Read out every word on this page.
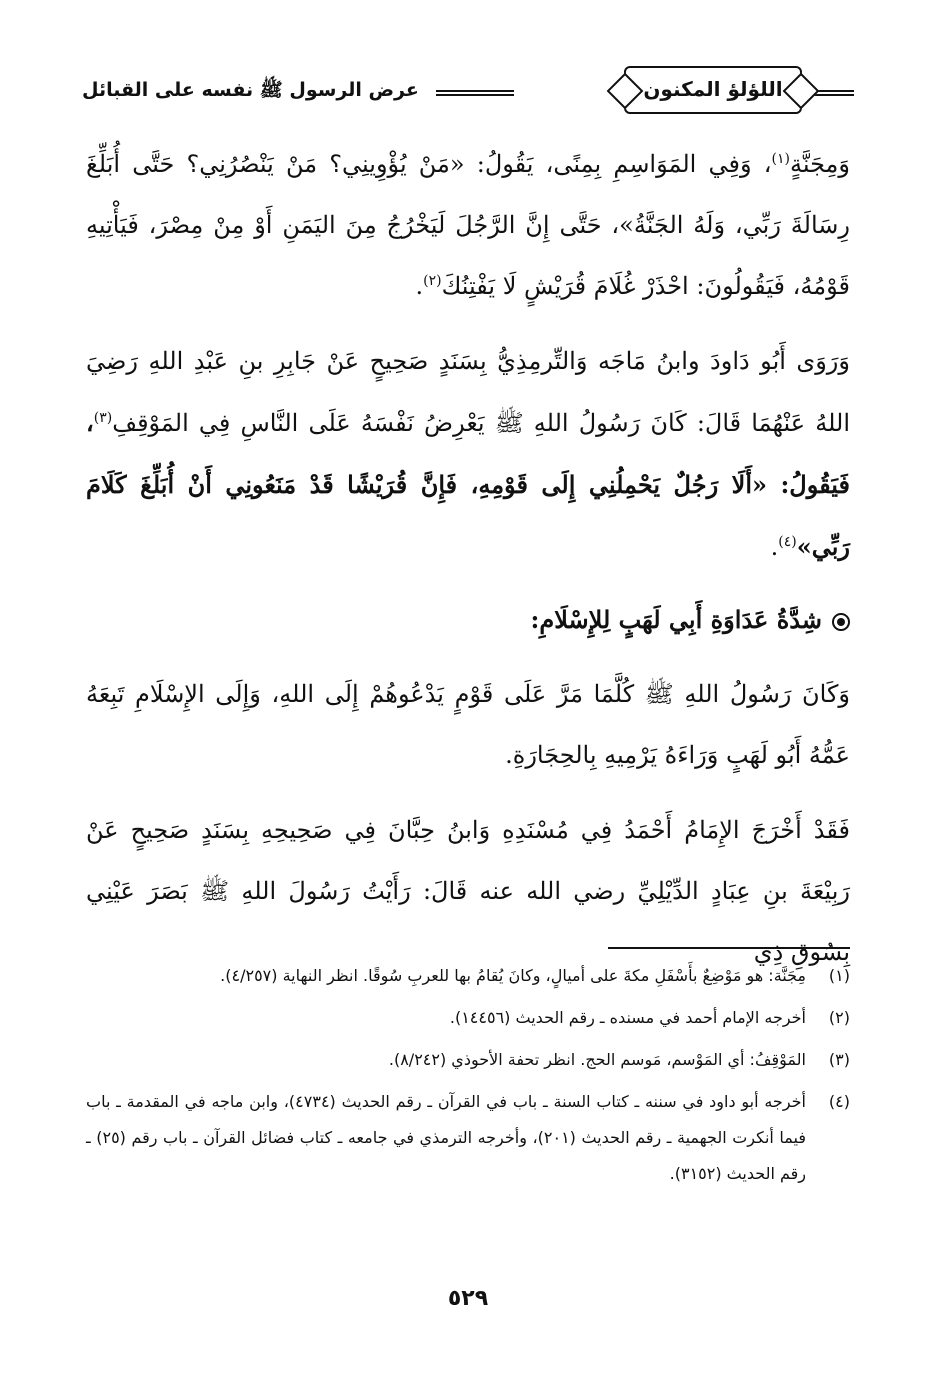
عرض الرسول ﷺ نفسه على القبائل	اللؤلؤ المكنون

وَمِجَنَّةٍ$^{(١)}$، وَفِي المَوَاسِمِ بِمِنًى، يَقُولُ: «مَنْ يُؤْوِينِي؟ مَنْ يَنْصُرُنِي؟ حَتَّى أُبَلِّغَ رِسَالَةَ رَبِّي، وَلَهُ الجَنَّةُ»، حَتَّى إِنَّ الرَّجُلَ لَيَخْرُجُ مِنَ اليَمَنِ أَوْ مِنْ مِصْرَ، فَيَأْتِيهِ قَوْمُهُ، فَيَقُولُونَ: احْذَرْ غُلَامَ قُرَيْشٍ لَا يَفْتِنُكَ$^{(٢)}$.

وَرَوَى أَبُو دَاودَ وابنُ مَاجَه وَالتِّرمِذِيُّ بِسَنَدٍ صَحِيحٍ عَنْ جَابِرِ بنِ عَبْدِ اللهِ رَضِيَ اللهُ عَنْهُمَا قَالَ: كَانَ رَسُولُ اللهِ ﷺ يَعْرِضُ نَفْسَهُ عَلَى النَّاسِ فِي المَوْقِفِ$^{(٣)}$، فَيَقُولُ: «أَلَا رَجُلٌ يَحْمِلُنِي إِلَى قَوْمِهِ، فَإِنَّ قُرَيْشًا قَدْ مَنَعُونِي أَنْ أُبَلِّغَ كَلَامَ رَبِّي»$^{(٤)}$.

شِدَّةُ عَدَاوَةِ أَبِي لَهَبٍ لِلإِسْلَامِ:

وَكَانَ رَسُولُ اللهِ ﷺ كُلَّمَا مَرَّ عَلَى قَوْمٍ يَدْعُوهُمْ إِلَى اللهِ، وَإِلَى الإِسْلَامِ تَبِعَهُ عَمُّهُ أَبُو لَهَبٍ وَرَاءَهُ يَرْمِيهِ بِالحِجَارَةِ.

فَقَدْ أَخْرَجَ الإِمَامُ أَحْمَدُ فِي مُسْنَدِهِ وَابنُ حِبَّانَ فِي صَحِيحِهِ بِسَنَدٍ صَحِيحٍ عَنْ رَبِيْعَةَ بنِ عِبَادٍ الدِّيْلِيِّ رضي الله عنه قَالَ: رَأَيْتُ رَسُولَ اللهِ ﷺ بَصَرَ عَيْنِي بِسُوقِ ذِي

(١)
مِجَنَّة: هو مَوْضِعٌ بأَسْفَلِ مكةَ على أميالٍ، وكانَ يُقامُ بها للعربِ سُوقًا. انظر النهاية (٤/٢٥٧).
(٢)
أخرجه الإمام أحمد في مسنده ـ رقم الحديث (١٤٤٥٦).
(٣)
المَوْقِفُ: أي المَوْسم، مَوسم الحج. انظر تحفة الأحوذي (٨/٢٤٢).
(٤)
أخرجه أبو داود في سننه ـ كتاب السنة ـ باب في القرآن ـ رقم الحديث (٤٧٣٤)، وابن ماجه في المقدمة ـ باب فيما أنكرت الجهمية ـ رقم الحديث (٢٠١)، وأخرجه الترمذي في جامعه ـ كتاب فضائل القرآن ـ باب رقم (٢٥) ـ رقم الحديث (٣١٥٢).
٥٢٩
